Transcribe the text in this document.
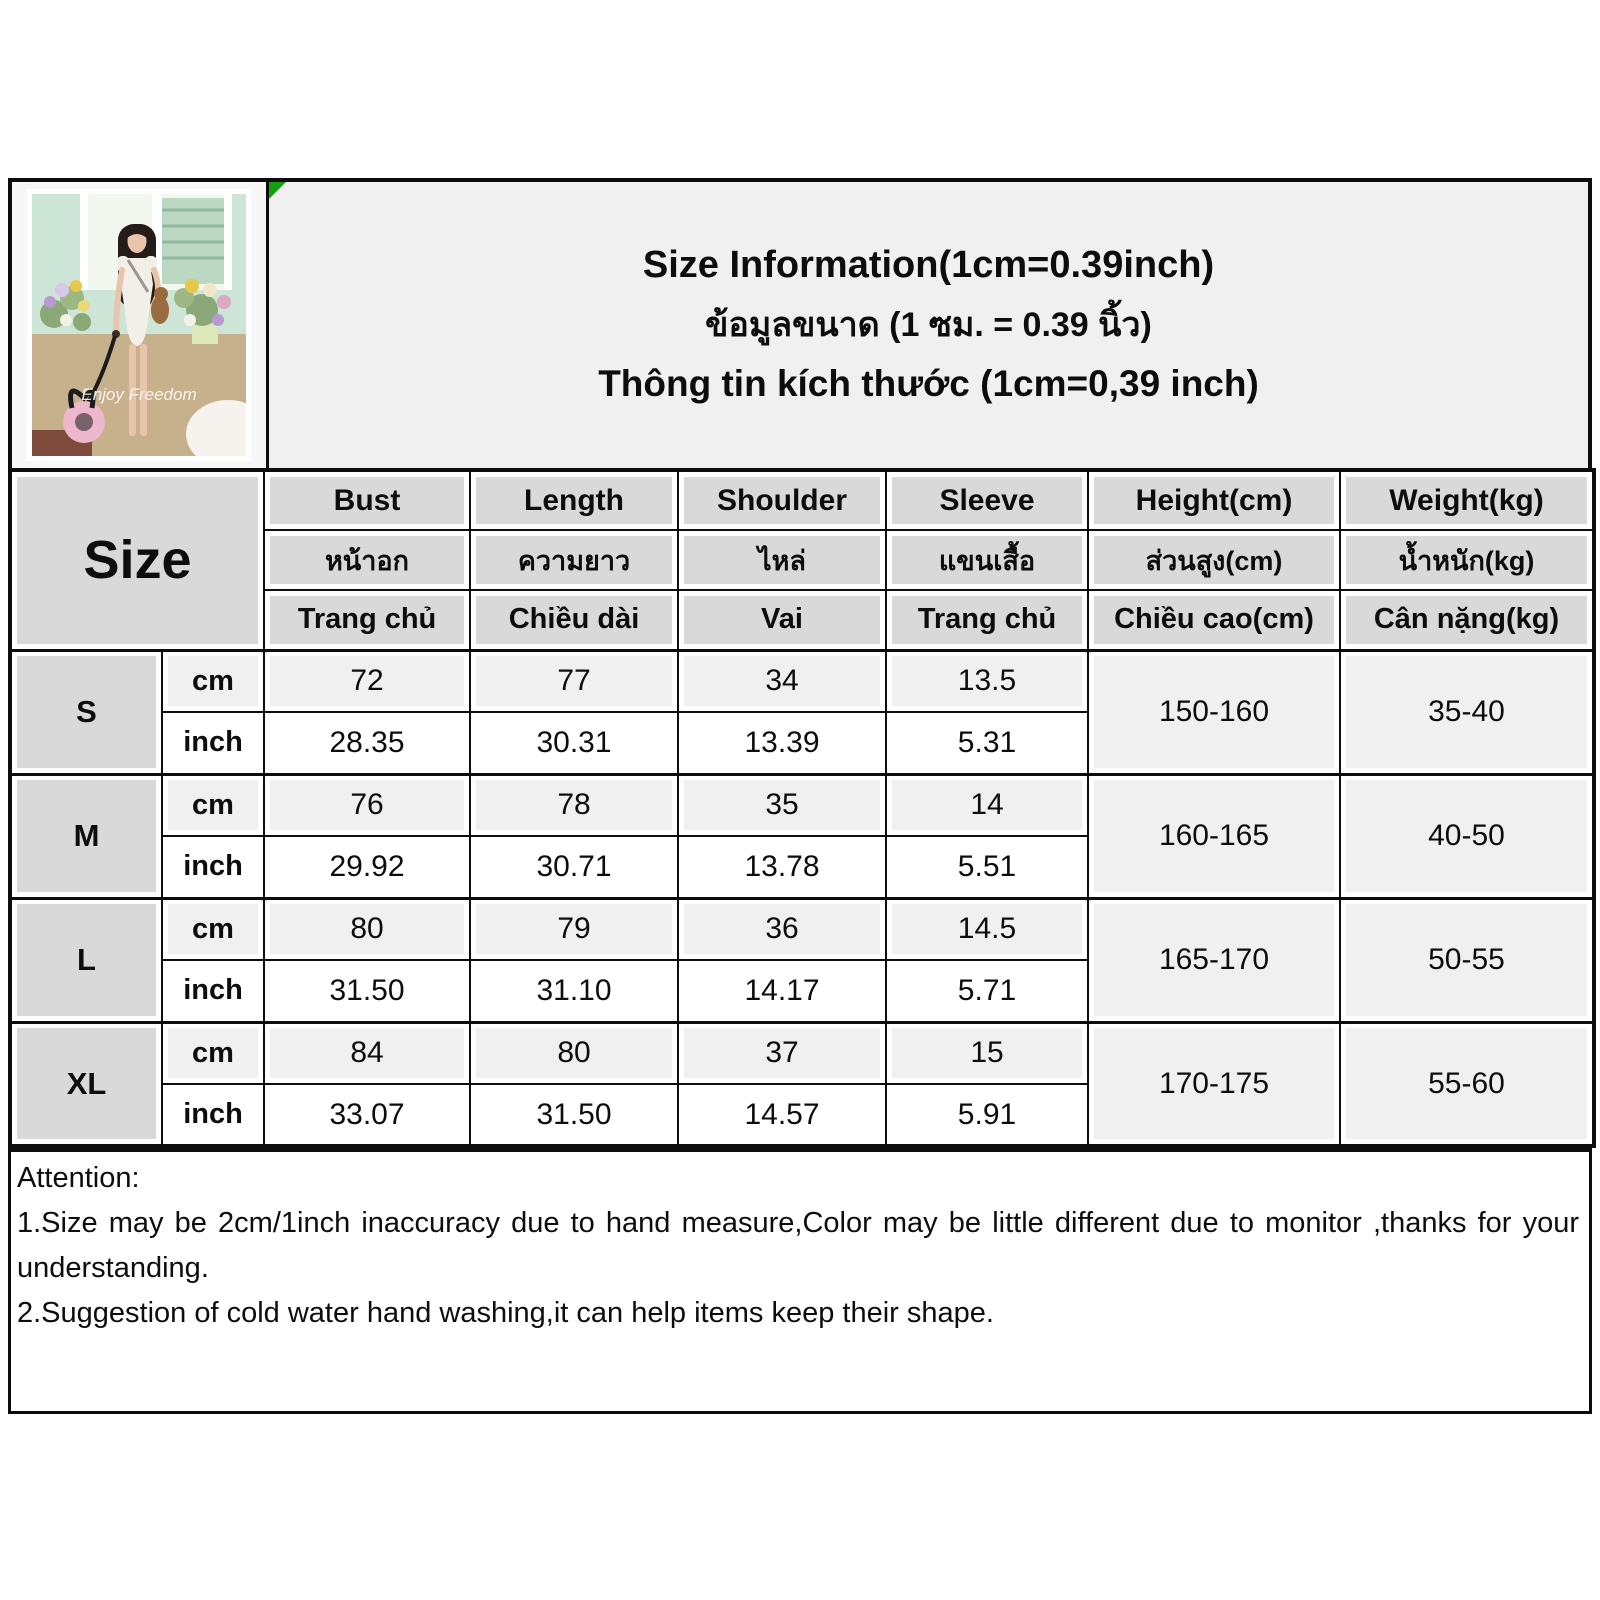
Enjoy Freedom
Size Information(1cm=0.39inch)
ข้อมูลขนาด (1 ซม. = 0.39 นิ้ว)
Thông tin kích thước (1cm=0,39 inch)
Size		Bust	Length	Shoulder	Sleeve	Height(cm)	Weight(kg)
		หน้าอก	ความยาว	ไหล่	แขนเสื้อ	ส่วนสูง(cm)	น้ำหนัก(kg)
		Trang chủ	Chiều dài	Vai	Trang chủ	Chiều cao(cm)	Cân nặng(kg)
S	cm	72	77	34	13.5	150-160	35-40
	inch	28.35	30.31	13.39	5.31		
M	cm	76	78	35	14	160-165	40-50
	inch	29.92	30.71	13.78	5.51		
L	cm	80	79	36	14.5	165-170	50-55
	inch	31.50	31.10	14.17	5.71		
XL	cm	84	80	37	15	170-175	55-60
	inch	33.07	31.50	14.57	5.91		

Attention:

1.Size may be 2cm/1inch inaccuracy due to hand measure,Color may be little different due to monitor ,thanks for your understanding.

2.Suggestion of cold water hand washing,it can help items keep their shape.
